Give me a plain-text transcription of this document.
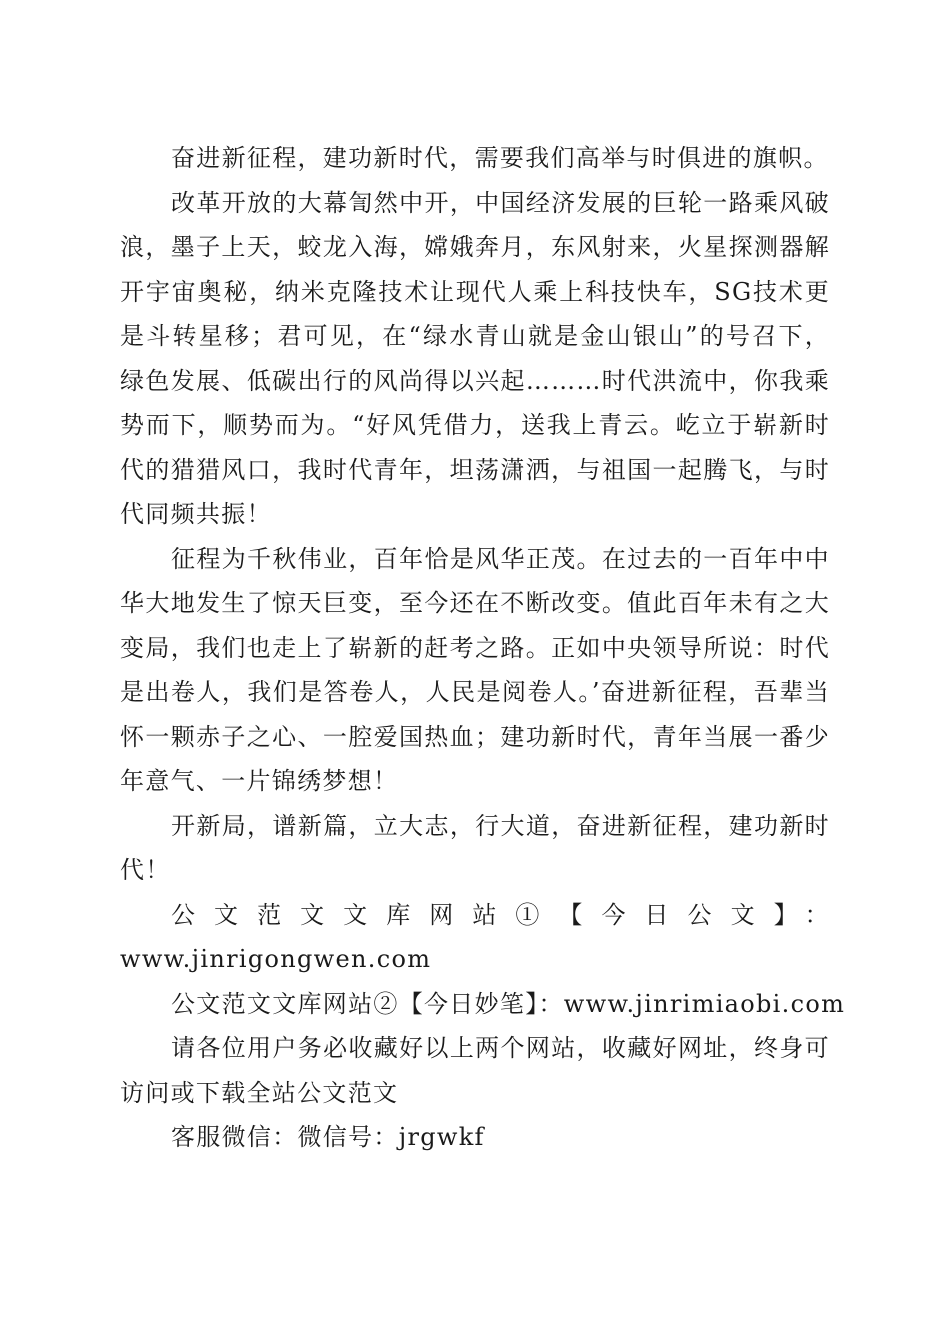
奋进新征程，建功新时代，需要我们高举与时俱进的旗帜。

改革开放的大幕訇然中开，中国经济发展的巨轮一路乘风破浪，墨子上天，蛟龙入海，嫦娥奔月，东风射来，火星探测器解开宇宙奥秘，纳米克隆技术让现代人乘上科技快车，SG技术更是斗转星移；君可见，在“绿水青山就是金山银山”的号召下，绿色发展、低碳出行的风尚得以兴起………时代洪流中，你我乘势而下，顺势而为。“好风凭借力，送我上青云。屹立于崭新时代的猎猎风口，我时代青年，坦荡潇洒，与祖国一起腾飞，与时代同频共振！

征程为千秋伟业，百年恰是风华正茂。在过去的一百年中中华大地发生了惊天巨变，至今还在不断改变。值此百年未有之大变局，我们也走上了崭新的赶考之路。正如中央领导所说：时代是出卷人，我们是答卷人，人民是阅卷人。’奋进新征程，吾辈当怀一颗赤子之心、一腔爱国热血；建功新时代，青年当展一番少年意气、一片锦绣梦想！

开新局，谱新篇，立大志，行大道，奋进新征程，建功新时代！

公文范文文库网站①【今日公文】：

www.jinrigongwen.com

公文范文文库网站②【今日妙笔】：www.jinrimiaobi.com

请各位用户务必收藏好以上两个网站，收藏好网址，终身可访问或下载全站公文范文

客服微信：微信号：jrgwkf
